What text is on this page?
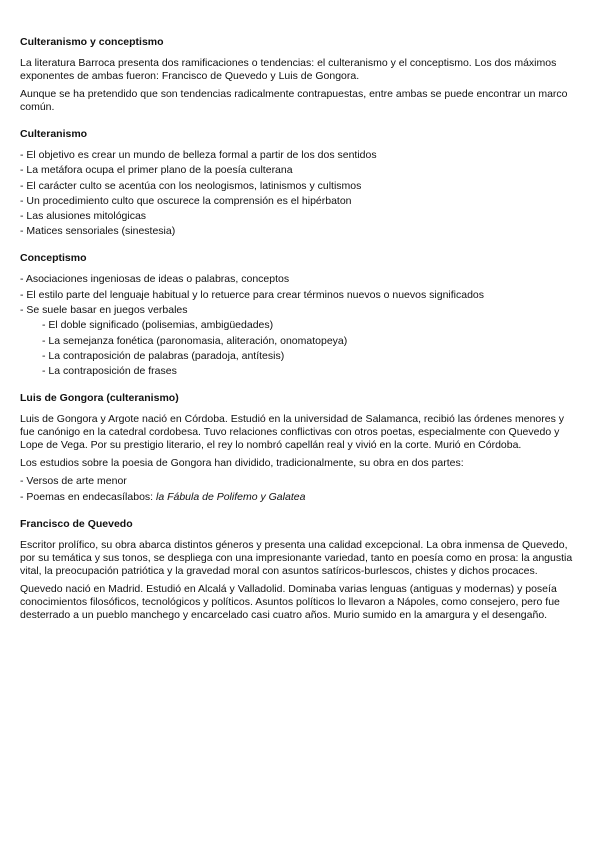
Culteranismo y conceptismo

La literatura Barroca presenta dos ramificaciones o tendencias: el culteranismo y el conceptismo. Los dos máximos exponentes de ambas fueron: Francisco de Quevedo y Luis de Gongora.

Aunque se ha pretendido que son tendencias radicalmente contrapuestas, entre ambas se puede encontrar un marco común.

Culteranismo
- El objetivo es crear un mundo de belleza formal a partir de los dos sentidos
- La metáfora ocupa el primer plano de la poesía culterana
- El carácter culto se acentúa con los neologismos, latinismos y cultismos
- Un procedimiento culto que oscurece la comprensión es el hipérbaton
- Las alusiones mitológicas
- Matices sensoriales (sinestesia)
Conceptismo
- Asociaciones ingeniosas de ideas o palabras, conceptos
- El estilo parte del lenguaje habitual y lo retuerce para crear términos nuevos o nuevos significados
- Se suele basar en juegos verbales
- El doble significado (polisemias, ambigüedades)
- La semejanza fonética (paronomasia, aliteración, onomatopeya)
- La contraposición de palabras (paradoja, antítesis)
- La contraposición de frases
Luis de Gongora (culteranismo)

Luis de Gongora y Argote nació en Córdoba. Estudió en la universidad de Salamanca, recibió las órdenes menores y fue canónigo en la catedral cordobesa. Tuvo relaciones conflictivas con otros poetas, especialmente con Quevedo y Lope de Vega. Por su prestigio literario, el rey lo nombró capellán real y vivió en la corte. Murió en Córdoba.

Los estudios sobre la poesia de Gongora han dividido, tradicionalmente, su obra en dos partes:

- Versos de arte menor
- Poemas en endecasílabos: la Fábula de Polifemo y Galatea
Francisco de Quevedo

Escritor prolífico, su obra abarca distintos géneros y presenta una calidad excepcional. La obra inmensa de Quevedo, por su temática y sus tonos, se despliega con una impresionante variedad, tanto en poesía como en prosa: la angustia vital, la preocupación patriótica y la gravedad moral con asuntos satíricos-burlescos, chistes y dichos procaces.

Quevedo nació en Madrid. Estudió en Alcalá y Valladolid. Dominaba varias lenguas (antiguas y modernas) y poseía conocimientos filosóficos, tecnológicos y políticos. Asuntos políticos lo llevaron a Nápoles, como consejero, pero fue desterrado a un pueblo manchego y encarcelado casi cuatro años. Murio sumido en la amargura y el desengaño.
